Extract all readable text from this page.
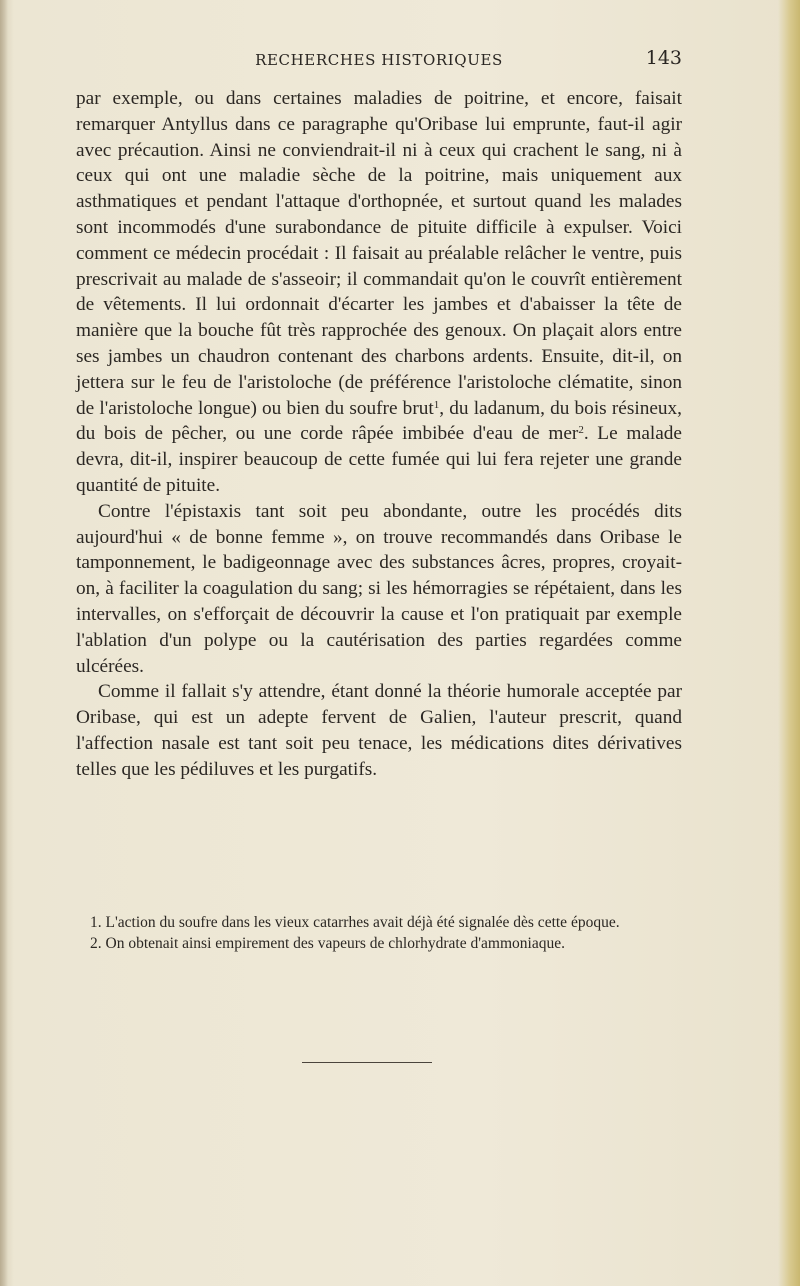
RECHERCHES HISTORIQUES	143

par exemple, ou dans certaines maladies de poitrine, et encore, faisait remarquer Antyllus dans ce paragraphe qu'Oribase lui emprunte, faut-il agir avec précaution. Ainsi ne conviendrait-il ni à ceux qui crachent le sang, ni à ceux qui ont une maladie sèche de la poitrine, mais uniquement aux asthmatiques et pendant l'attaque d'orthopnée, et surtout quand les malades sont incommodés d'une surabondance de pituite difficile à expulser. Voici comment ce médecin procédait : Il faisait au préalable relâcher le ventre, puis prescrivait au malade de s'asseoir; il commandait qu'on le couvrît entièrement de vêtements. Il lui ordonnait d'écarter les jambes et d'abaisser la tête de manière que la bouche fût très rapprochée des genoux. On plaçait alors entre ses jambes un chaudron contenant des charbons ardents. Ensuite, dit-il, on jettera sur le feu de l'aristoloche (de préférence l'aristoloche clématite, sinon de l'aristoloche longue) ou bien du soufre brut$^1$, du ladanum, du bois résineux, du bois de pêcher, ou une corde râpée imbibée d'eau de mer$^2$. Le malade devra, dit-il, inspirer beaucoup de cette fumée qui lui fera rejeter une grande quantité de pituite.

Contre l'épistaxis tant soit peu abondante, outre les procédés dits aujourd'hui « de bonne femme », on trouve recommandés dans Oribase le tamponnement, le badigeonnage avec des substances âcres, propres, croyait-on, à faciliter la coagulation du sang; si les hémorragies se répétaient, dans les intervalles, on s'efforçait de découvrir la cause et l'on pratiquait par exemple l'ablation d'un polype ou la cautérisation des parties regardées comme ulcérées.

Comme il fallait s'y attendre, étant donné la théorie humorale acceptée par Oribase, qui est un adepte fervent de Galien, l'auteur prescrit, quand l'affection nasale est tant soit peu tenace, les médications dites dérivatives telles que les pédiluves et les purgatifs.

1. L'action du soufre dans les vieux catarrhes avait déjà été signalée dès cette époque.

2. On obtenait ainsi empirement des vapeurs de chlorhydrate d'ammoniaque.
